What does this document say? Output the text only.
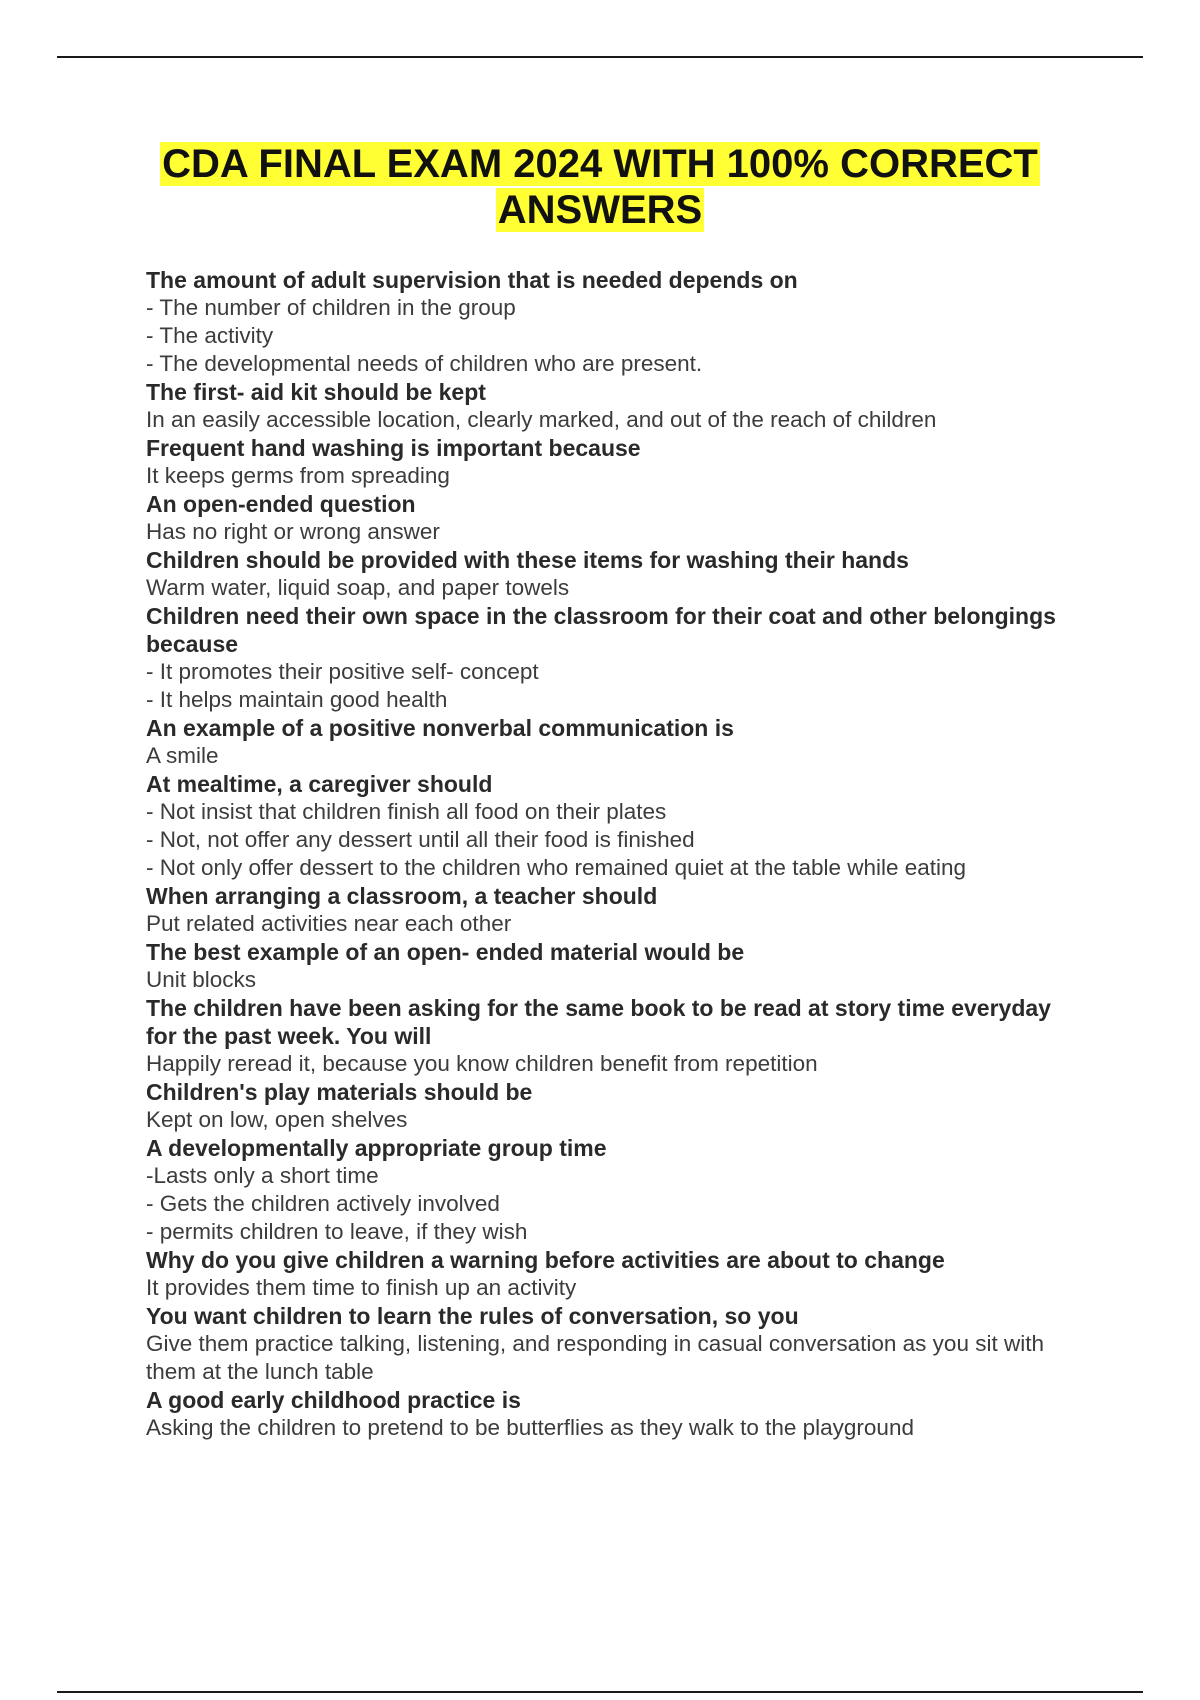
CDA FINAL EXAM 2024 WITH 100% CORRECT
ANSWERS

The amount of adult supervision that is needed depends on

- The number of children in the group

- The activity

- The developmental needs of children who are present.

The first- aid kit should be kept

In an easily accessible location, clearly marked, and out of the reach of children

Frequent hand washing is important because

It keeps germs from spreading

An open-ended question

Has no right or wrong answer

Children should be provided with these items for washing their hands

Warm water, liquid soap, and paper towels

Children need their own space in the classroom for their coat and other belongings because

- It promotes their positive self- concept

- It helps maintain good health

An example of a positive nonverbal communication is

A smile

At mealtime, a caregiver should

- Not insist that children finish all food on their plates

- Not, not offer any dessert until all their food is finished

- Not only offer dessert to the children who remained quiet at the table while eating

When arranging a classroom, a teacher should

Put related activities near each other

The best example of an open- ended material would be

Unit blocks

The children have been asking for the same book to be read at story time everyday for the past week. You will

Happily reread it, because you know children benefit from repetition

Children's play materials should be

Kept on low, open shelves

A developmentally appropriate group time

-Lasts only a short time

- Gets the children actively involved

- permits children to leave, if they wish

Why do you give children a warning before activities are about to change

It provides them time to finish up an activity

You want children to learn the rules of conversation, so you

Give them practice talking, listening, and responding in casual conversation as you sit with them at the lunch table

A good early childhood practice is

Asking the children to pretend to be butterflies as they walk to the playground
